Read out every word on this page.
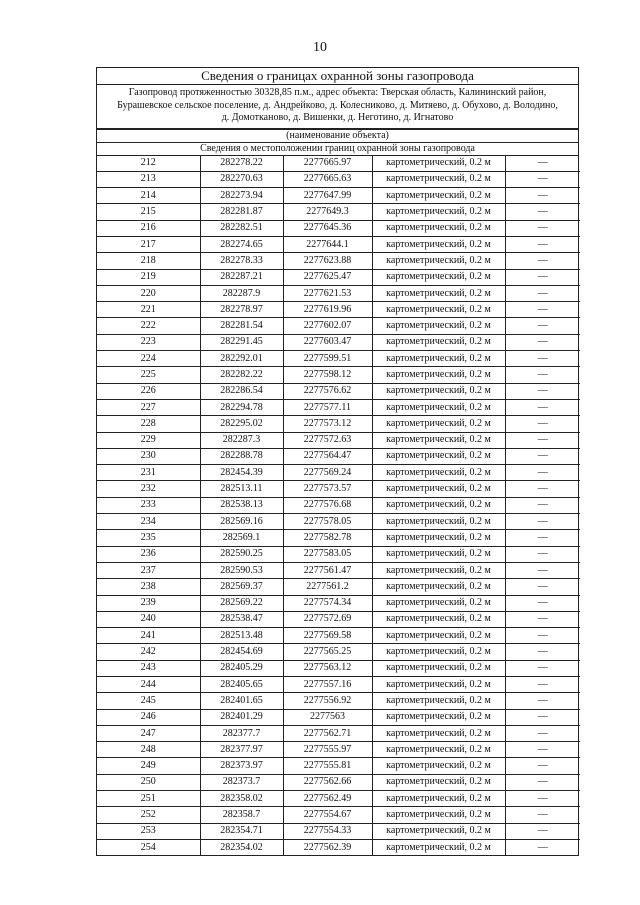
10
Сведения о границах охранной зоны газопровода
Газопровод протяженностью 30328,85 п.м., адрес объекта: Тверская область, Калининский район,
Бурашевское сельское поселение, д. Андрейково, д. Колесниково, д. Митяево, д. Обухово, д. Володино,
д. Домотканово, д. Вишенки, д. Неготино, д. Игнатово
(наименование объекта)
Сведения о местоположении границ охранной зоны газопровода
212	282278.22	2277665.97	картометрический, 0.2 м	—
213	282270.63	2277665.63	картометрический, 0.2 м	—
214	282273.94	2277647.99	картометрический, 0.2 м	—
215	282281.87	2277649.3	картометрический, 0.2 м	—
216	282282.51	2277645.36	картометрический, 0.2 м	—
217	282274.65	2277644.1	картометрический, 0.2 м	—
218	282278.33	2277623.88	картометрический, 0.2 м	—
219	282287.21	2277625.47	картометрический, 0.2 м	—
220	282287.9	2277621.53	картометрический, 0.2 м	—
221	282278.97	2277619.96	картометрический, 0.2 м	—
222	282281.54	2277602.07	картометрический, 0.2 м	—
223	282291.45	2277603.47	картометрический, 0.2 м	—
224	282292.01	2277599.51	картометрический, 0.2 м	—
225	282282.22	2277598.12	картометрический, 0.2 м	—
226	282286.54	2277576.62	картометрический, 0.2 м	—
227	282294.78	2277577.11	картометрический, 0.2 м	—
228	282295.02	2277573.12	картометрический, 0.2 м	—
229	282287.3	2277572.63	картометрический, 0.2 м	—
230	282288.78	2277564.47	картометрический, 0.2 м	—
231	282454.39	2277569.24	картометрический, 0.2 м	—
232	282513.11	2277573.57	картометрический, 0.2 м	—
233	282538.13	2277576.68	картометрический, 0.2 м	—
234	282569.16	2277578.05	картометрический, 0.2 м	—
235	282569.1	2277582.78	картометрический, 0.2 м	—
236	282590.25	2277583.05	картометрический, 0.2 м	—
237	282590.53	2277561.47	картометрический, 0.2 м	—
238	282569.37	2277561.2	картометрический, 0.2 м	—
239	282569.22	2277574.34	картометрический, 0.2 м	—
240	282538.47	2277572.69	картометрический, 0.2 м	—
241	282513.48	2277569.58	картометрический, 0.2 м	—
242	282454.69	2277565.25	картометрический, 0.2 м	—
243	282405.29	2277563.12	картометрический, 0.2 м	—
244	282405.65	2277557.16	картометрический, 0.2 м	—
245	282401.65	2277556.92	картометрический, 0.2 м	—
246	282401.29	2277563	картометрический, 0.2 м	—
247	282377.7	2277562.71	картометрический, 0.2 м	—
248	282377.97	2277555.97	картометрический, 0.2 м	—
249	282373.97	2277555.81	картометрический, 0.2 м	—
250	282373.7	2277562.66	картометрический, 0.2 м	—
251	282358.02	2277562.49	картометрический, 0.2 м	—
252	282358.7	2277554.67	картометрический, 0.2 м	—
253	282354.71	2277554.33	картометрический, 0.2 м	—
254	282354.02	2277562.39	картометрический, 0.2 м	—
